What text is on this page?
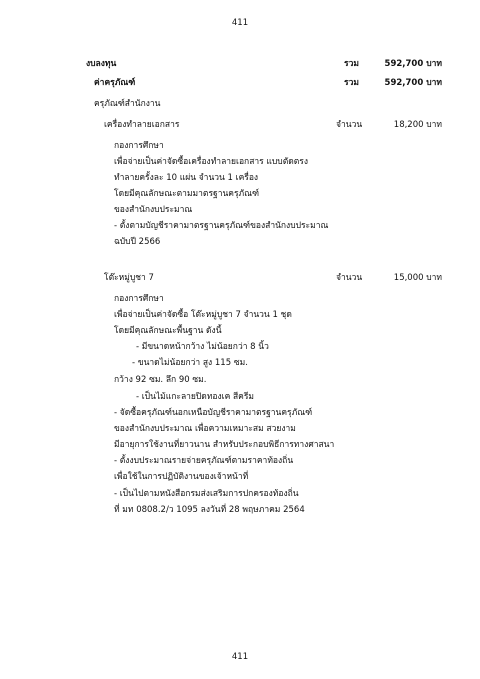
411
งบลงทุน	รวม	592,700 บาท
ค่าครุภัณฑ์	รวม	592,700 บาท
ครุภัณฑ์สำนักงาน
เครื่องทำลายเอกสาร	จำนวน	18,200 บาท
กองการศึกษา
เพื่อจ่ายเป็นค่าจัดซื้อเครื่องทำลายเอกสาร แบบตัดตรง
ทำลายครั้งละ 10 แผ่น จำนวน 1 เครื่อง
โดยมีคุณลักษณะตามมาตรฐานครุภัณฑ์
ของสำนักงบประมาณ
- ตั้งตามบัญชีราคามาตรฐานครุภัณฑ์ของสำนักงบประมาณ
ฉบับปี 2566
โต๊ะหมู่บูชา 7	จำนวน	15,000 บาท
กองการศึกษา
เพื่อจ่ายเป็นค่าจัดซื้อ โต๊ะหมู่บูชา 7 จำนวน 1 ชุด
โดยมีคุณลักษณะพื้นฐาน ดังนี้
- มีขนาดหน้ากว้าง ไม่น้อยกว่า 8 นิ้ว
- ขนาดไม่น้อยกว่า สูง 115 ซม.
กว้าง 92 ซม. ลึก 90 ซม.
- เป็นไม้แกะลายปิดทองเค สีครีม
- จัดซื้อครุภัณฑ์นอกเหนือบัญชีราคามาตรฐานครุภัณฑ์
ของสำนักงบประมาณ เพื่อความเหมาะสม สวยงาม
มีอายุการใช้งานที่ยาวนาน สำหรับประกอบพิธีการทางศาสนา
- ตั้งงบประมาณรายจ่ายครุภัณฑ์ตามราคาท้องถิ่น
เพื่อใช้ในการปฏิบัติงานของเจ้าหน้าที่
- เป็นไปตามหนังสือกรมส่งเสริมการปกครองท้องถิ่น
ที่ มท 0808.2/ว 1095 ลงวันที่ 28 พฤษภาคม 2564
411
